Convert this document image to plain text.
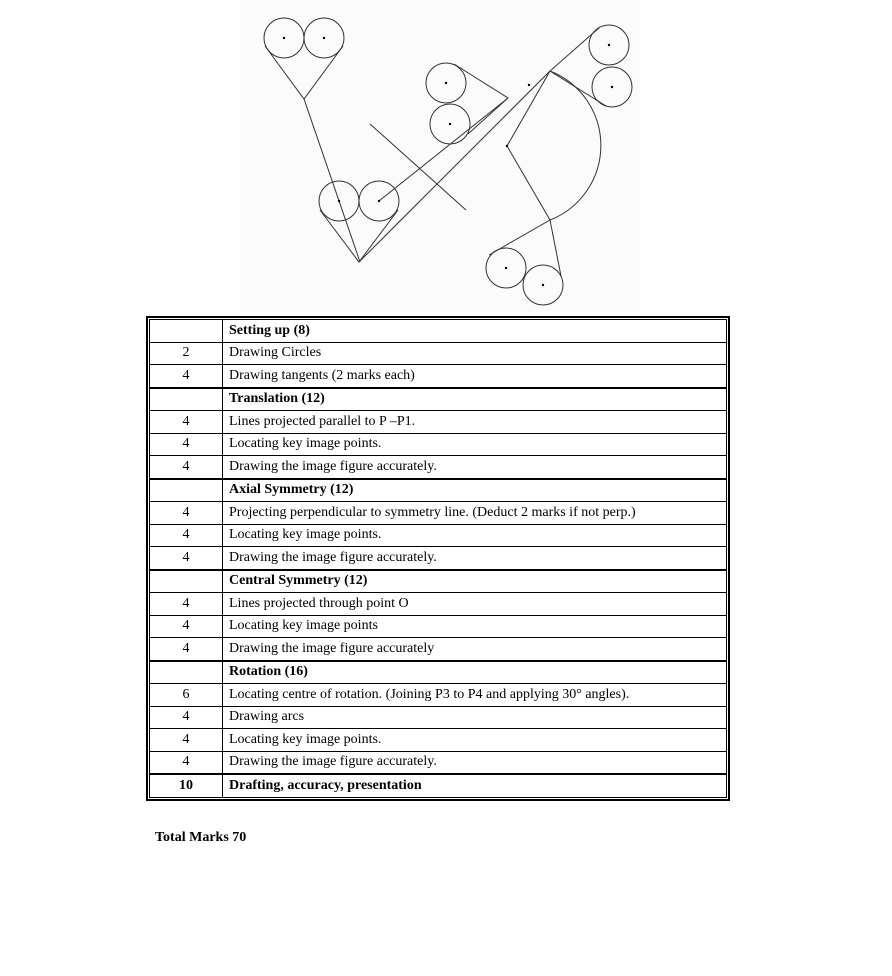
	Setting up (8)
2	Drawing Circles
4	Drawing tangents (2 marks each)
	Translation (12)
4	Lines projected parallel to P –P1.
4	Locating key image points.
4	Drawing the image figure accurately.
	Axial Symmetry (12)
4	Projecting perpendicular to symmetry line. (Deduct 2 marks if not perp.)
4	Locating key image points.
4	Drawing the image figure accurately.
	Central Symmetry (12)
4	Lines projected through point O
4	Locating key image points
4	Drawing the image figure accurately
	Rotation (16)
6	Locating centre of rotation. (Joining P3 to P4 and applying 30° angles).
4	Drawing arcs
4	Locating key image points.
4	Drawing the image figure accurately.
10	Drafting, accuracy, presentation
Total Marks 70
